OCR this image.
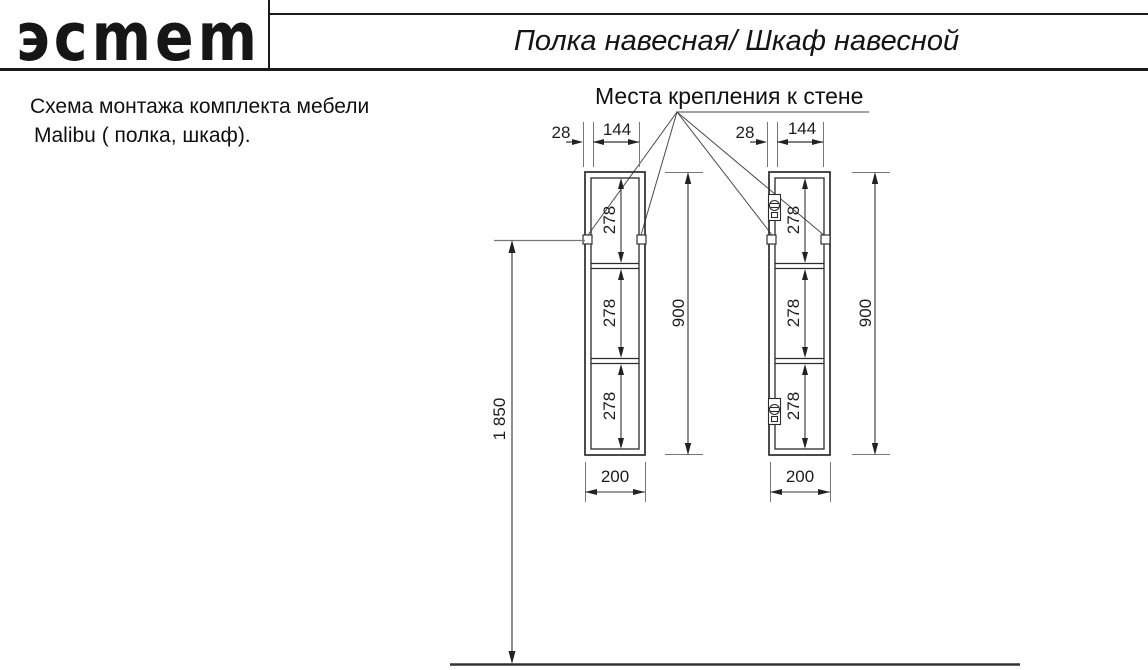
эcmem	Полка навесная/ Шкаф навесной
Схема монтажа комплекта мебели
Malibu ( полка, шкаф).
Места крепления к стене
28 144	28 144
278
278
278
278
278
278
900	900
200	200
1 850
